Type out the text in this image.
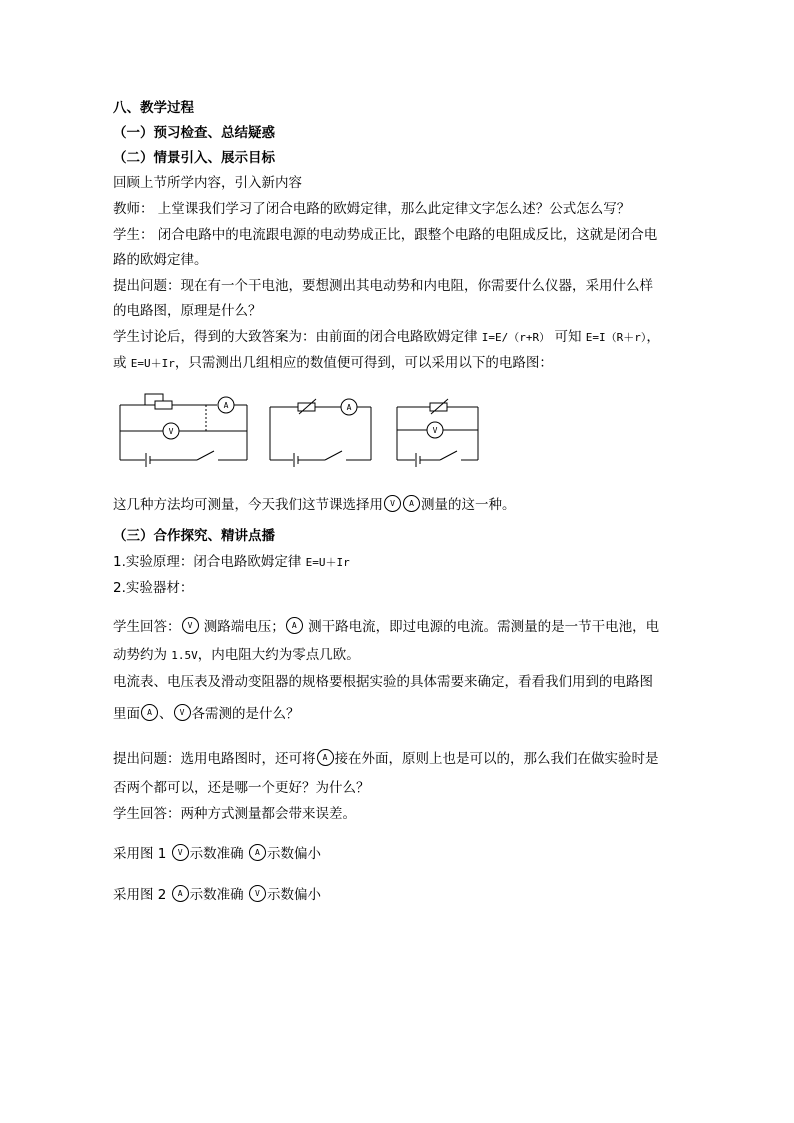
八、教学过程
（一）预习检查、总结疑惑
（二）情景引入、展示目标
回顾上节所学内容，引入新内容
教师： 上堂课我们学习了闭合电路的欧姆定律，那么此定律文字怎么述？公式怎么写？
学生： 闭合电路中的电流跟电源的电动势成正比，跟整个电路的电阻成反比，这就是闭合电
路的欧姆定律。
提出问题：现在有一个干电池，要想测出其电动势和内电阻，你需要什么仪器，采用什么样
的电路图，原理是什么？
学生讨论后，得到的大致答案为：由前面的闭合电路欧姆定律 I=E/（r+R） 可知 E=I（R＋r），
或 E=U＋Ir，只需测出几组相应的数值便可得到，可以采用以下的电路图：
A
V
A
V
这几种方法均可测量，今天我们这节课选择用 V A 测量的这一种。
（三）合作探究、精讲点播
1.实验原理：闭合电路欧姆定律 E=U＋Ir
2.实验器材：
学生回答： V 测路端电压； A 测干路电流，即过电源的电流。需测量的是一节干电池，电
动势约为 1.5V，内电阻大约为零点几欧。
电流表、电压表及滑动变阻器的规格要根据实验的具体需要来确定，看看我们用到的电路图
里面 A 、 V 各需测的是什么？
提出问题：选用电路图时，还可将 A 接在外面，原则上也是可以的，那么我们在做实验时是
否两个都可以，还是哪一个更好？为什么？
学生回答：两种方式测量都会带来误差。
采用图 1 V 示数准确 A 示数偏小
采用图 2 A 示数准确 V 示数偏小
